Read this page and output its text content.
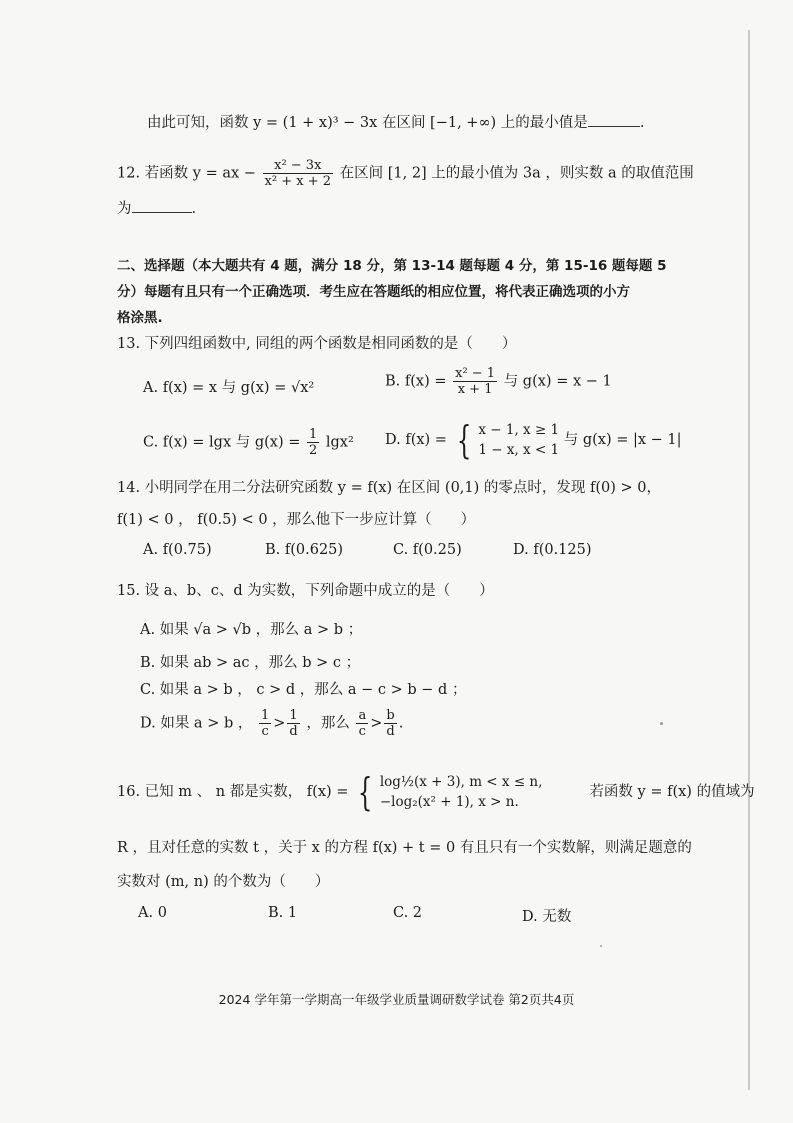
由此可知，函数 y = (1 + x)³ − 3x 在区间 [−1, +∞) 上的最小值是	.
12. 若函数 y = ax − $\frac{\text{x² − 3x}}{\text{x² + x + 2}}$ 在区间 [1, 2] 上的最小值为 3a ，则实数 a 的取值范围
为	.
二、选择题（本大题共有 4 题，满分 18 分，第 13-14 题每题 4 分，第 15-16 题每题 5
分）每题有且只有一个正确选项．考生应在答题纸的相应位置，将代表正确选项的小方
格涂黑.
13. 下列四组函数中, 同组的两个函数是相同函数的是（　　）
A. f(x) = x 与 g(x) = √x²	B. $f(x) = \frac{\text{x² − 1}}{x + 1}$ 与 g(x) = x − 1
C. f(x) = lgx 与 $g(x) = \frac{1}{2} \lg x^2$ D. f(x) = { x − 1, x ≥ 1
1 − x, x < 1
与 g(x) = |x − 1|
14. 小明同学在用二分法研究函数 y = f(x) 在区间 (0,1) 的零点时，发现 f(0) > 0，
f(1) < 0 ， f(0.5) < 0 ，那么他下一步应计算（　　）
A. f(0.75)	B. f(0.625)	C. f(0.25)	D. f(0.125)
15. 设 a、b、c、d 为实数，下列命题中成立的是（　　）
A. 如果 √a > √b ，那么 a > b ；
B. 如果 ab > ac ，那么 b > c ；
C. 如果 a > b ， c > d ，那么 a − c > b − d ；
D. 如果 a > b ， $\frac{1}{c} > \frac{1}{d}$ ，那么 $\frac{a}{c} > \frac{b}{d}$ .
16. 已知 m 、 n 都是实数， f(x) = { log½(x + 3), m < x ≤ n,
−log₂(x² + 1), x > n.
若函数 y = f(x) 的值域为
R ，且对任意的实数 t ，关于 x 的方程 f(x) + t = 0 有且只有一个实数解，则满足题意的
实数对 (m, n) 的个数为（　　）
A. 0	B. 1	C. 2	D. 无数
2024 学年第一学期高一年级学业质量调研数学试卷 第2页共4页
